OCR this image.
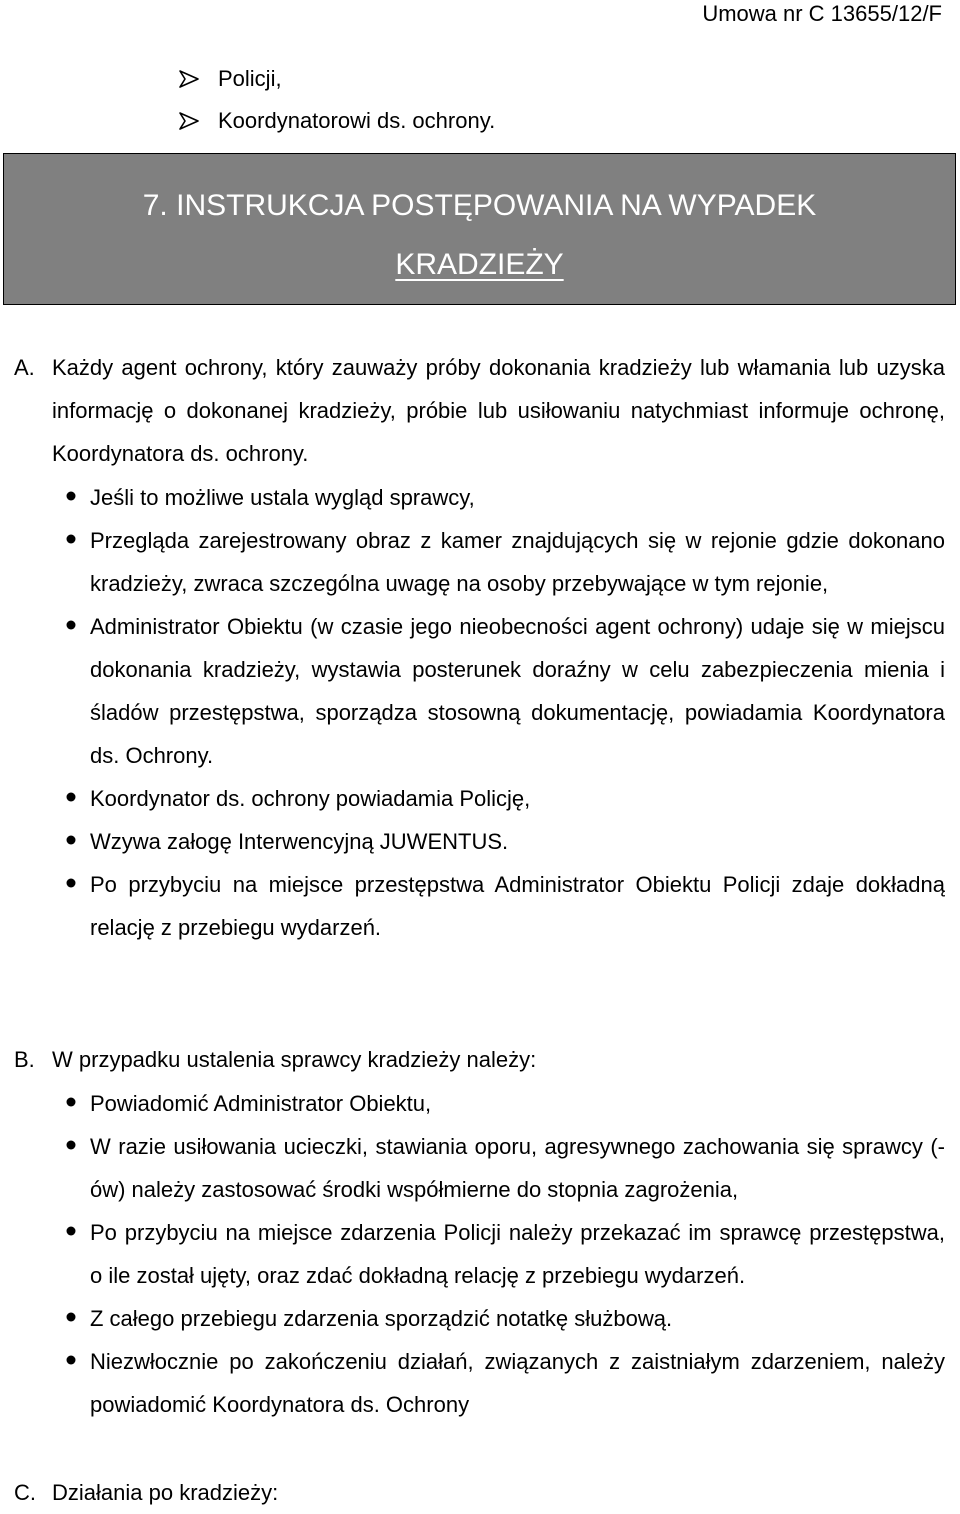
Umowa nr C 13655/12/F
Policji,
Koordynatorowi ds. ochrony.
7. INSTRUKCJA POSTĘPOWANIA NA WYPADEK
KRADZIEŻY
A. Każdy agent ochrony, który zauważy próby dokonania kradzieży lub włamania lub uzyska informację o dokonanej kradzieży, próbie lub usiłowaniu natychmiast informuje ochronę, Koordynatora ds. ochrony.
Jeśli to możliwe ustala wygląd sprawcy,
Przegląda zarejestrowany obraz z kamer znajdujących się w rejonie gdzie dokonano kradzieży, zwraca szczególna uwagę na osoby przebywające w tym rejonie,
Administrator Obiektu (w czasie jego nieobecności agent ochrony) udaje się w miejscu dokonania kradzieży, wystawia posterunek doraźny w celu zabezpieczenia mienia i śladów przestępstwa, sporządza stosowną dokumentację, powiadamia Koordynatora ds. Ochrony.
Koordynator ds. ochrony powiadamia Policję,
Wzywa załogę Interwencyjną JUWENTUS.
Po przybyciu na miejsce przestępstwa Administrator Obiektu Policji zdaje dokładną relację z przebiegu wydarzeń.
B. W przypadku ustalenia sprawcy kradzieży należy:
Powiadomić Administrator Obiektu,
W razie usiłowania ucieczki, stawiania oporu, agresywnego zachowania się sprawcy (-ów) należy zastosować środki współmierne do stopnia zagrożenia,
Po przybyciu na miejsce zdarzenia Policji należy przekazać im sprawcę przestępstwa, o ile został ujęty, oraz zdać dokładną relację z przebiegu wydarzeń.
Z całego przebiegu zdarzenia sporządzić notatkę służbową.
Niezwłocznie po zakończeniu działań, związanych z zaistniałym zdarzeniem, należy powiadomić Koordynatora ds. Ochrony
C. Działania po kradzieży:
